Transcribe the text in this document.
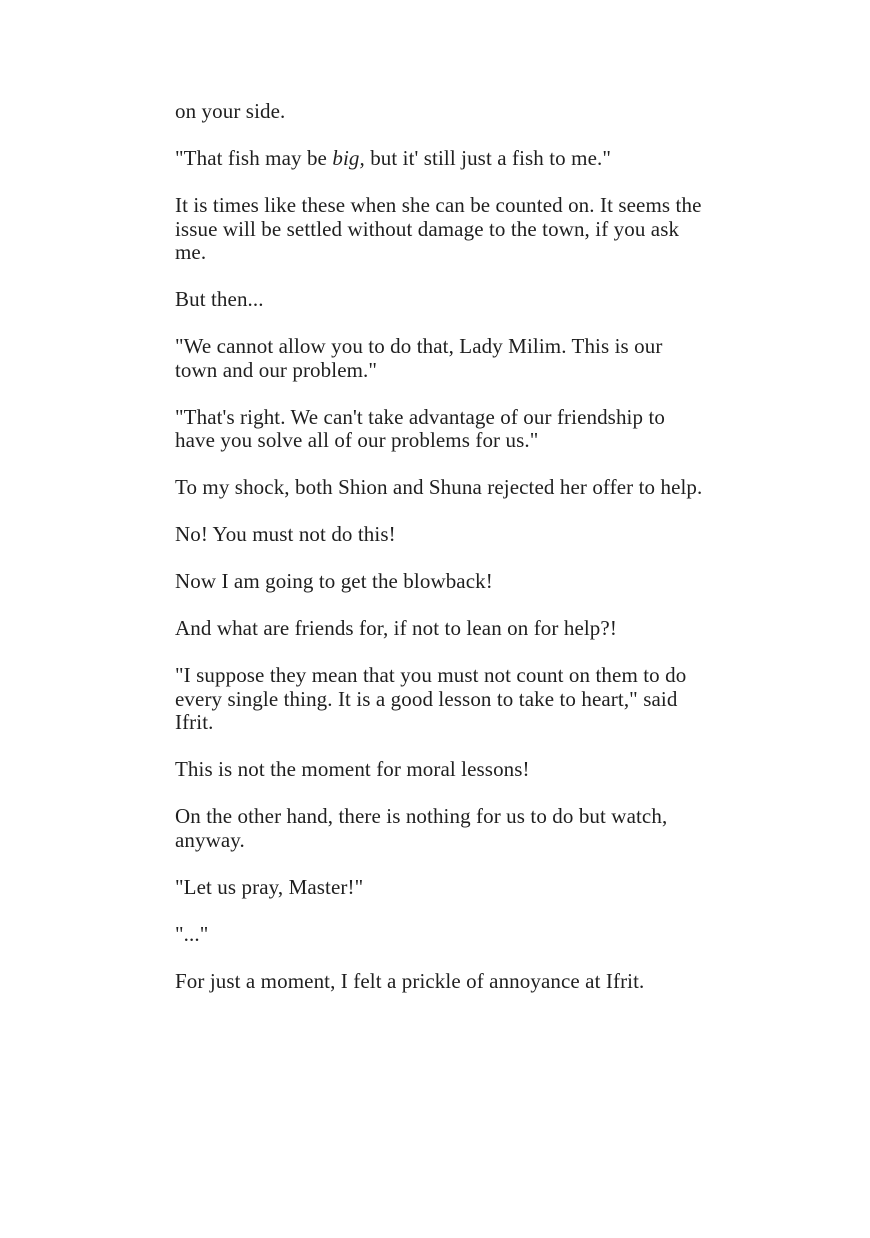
on your side.

"That fish may be big, but it' still just a fish to me."

It is times like these when she can be counted on. It seems the
issue will be settled without damage to the town, if you ask
me.

But then...

"We cannot allow you to do that, Lady Milim. This is our
town and our problem."

"That's right. We can't take advantage of our friendship to
have you solve all of our problems for us."

To my shock, both Shion and Shuna rejected her offer to help.

No! You must not do this!

Now I am going to get the blowback!

And what are friends for, if not to lean on for help?!

"I suppose they mean that you must not count on them to do
every single thing. It is a good lesson to take to heart," said
Ifrit.

This is not the moment for moral lessons!

On the other hand, there is nothing for us to do but watch,
anyway.

"Let us pray, Master!"

"..."

For just a moment, I felt a prickle of annoyance at Ifrit.
